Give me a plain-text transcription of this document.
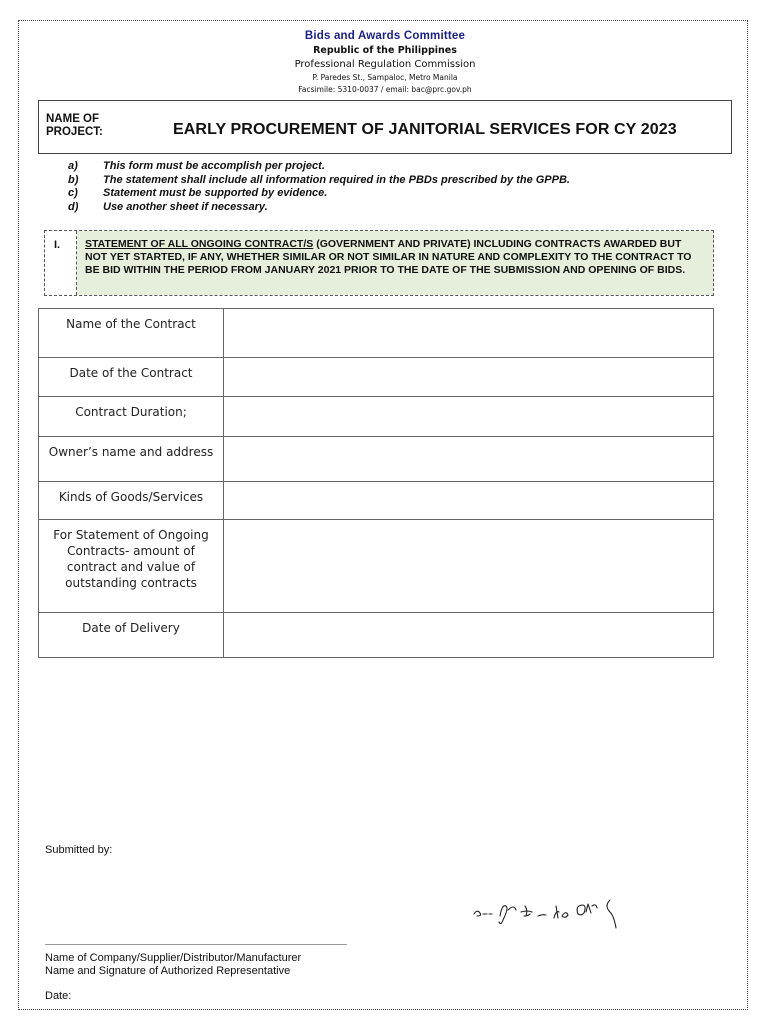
Bids and Awards Committee
Republic of the Philippines
Professional Regulation Commission
P. Paredes St., Sampaloc, Metro Manila
Facsimile: 5310-0037 / email: bac@prc.gov.ph
NAME OF
PROJECT:	EARLY PROCUREMENT OF JANITORIAL SERVICES FOR CY 2023
a) This form must be accomplish per project.
b) The statement shall include all information required in the PBDs prescribed by the GPPB.
c) Statement must be supported by evidence.
d) Use another sheet if necessary.
I.	STATEMENT OF ALL ONGOING CONTRACT/S (GOVERNMENT AND PRIVATE) INCLUDING CONTRACTS AWARDED BUT NOT YET STARTED, IF ANY, WHETHER SIMILAR OR NOT SIMILAR IN NATURE AND COMPLEXITY TO THE CONTRACT TO BE BID WITHIN THE PERIOD FROM JANUARY 2021 PRIOR TO THE DATE OF THE SUBMISSION AND OPENING OF BIDS.
Name of the Contract	
Date of the Contract	
Contract Duration;	
Owner’s name and address	
Kinds of Goods/Services	
For Statement of Ongoing Contracts- amount of contract and value of outstanding contracts	
Date of Delivery	
Submitted by:
Name of Company/Supplier/Distributor/Manufacturer
Name and Signature of Authorized Representative
Date:
